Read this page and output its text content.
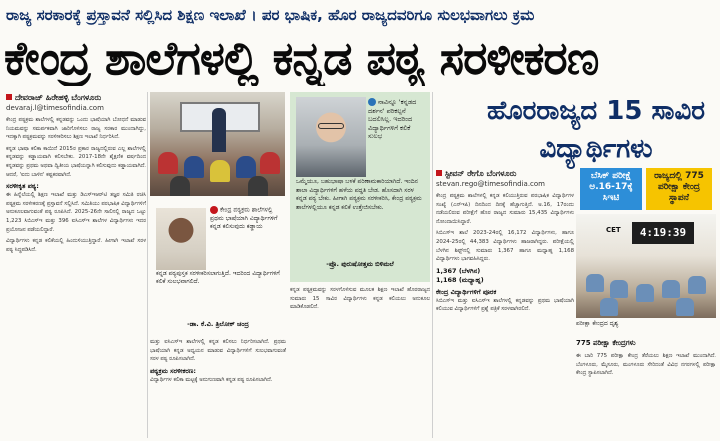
ರಾಜ್ಯ ಸರಕಾರಕ್ಕೆ ಪ್ರಸ್ತಾವನೆ ಸಲ್ಲಿಸಿದ ಶಿಕ್ಷಣ ಇಲಾಖೆ । ಪರ ಭಾಷಿಕ, ಹೊರ ರಾಜ್ಯದವರಿಗೂ ಸುಲಭವಾಗಲು ಕ್ರಮ
ಕೇಂದ್ರ ಶಾಲೆಗಳಲ್ಲಿ ಕನ್ನಡ ಪಠ್ಯ ಸರಳೀಕರಣ
ದೇವರಾಜ್ ಹಿರೇಹಳ್ಳಿ ಬೆಂಗಳೂರು
devaraj.l@timesofindia.com

ಕೇಂದ್ರ ಪಠ್ಯಕ್ರಮ ಶಾಲೆಗಳಲ್ಲಿ ಕನ್ನಡವನ್ನು ಒಂದು ಭಾಷೆಯಾಗಿ ಬೋಧನೆ ಮಾಡುವ ನಿಯಮವನ್ನು ಸಮರ್ಪಕವಾಗಿ ಜಾರಿಗೊಳಿಸಲು ರಾಜ್ಯ ಸರಕಾರ ಮುಂದಾಗಿದ್ದು, ಇದಕ್ಕಾಗಿ ಪಠ್ಯಕ್ರಮವನ್ನು ಸರಳೀಕರಿಸಲು ಶಿಕ್ಷಣ ಇಲಾಖೆ ನಿರ್ಧರಿಸಿದೆ.

ಕನ್ನಡ ಭಾಷಾ ಕಲಿಕಾ ಕಾಯಿದೆ 2015ರ ಪ್ರಕಾರ ರಾಜ್ಯದಲ್ಲಿರುವ ಎಲ್ಲ ಶಾಲೆಗಳಲ್ಲಿ ಕನ್ನಡವನ್ನು ಕಡ್ಡಾಯವಾಗಿ ಕಲಿಸಬೇಕು. 2017-18ನೇ ಶೈಕ್ಷಣಿಕ ವರ್ಷದಿಂದ ಕನ್ನಡವನ್ನು ಪ್ರಥಮ ಅಥವಾ ದ್ವಿತೀಯ ಭಾಷೆಯನ್ನಾಗಿ ಕಲಿಸುವುದು ಕಡ್ಡಾಯವಾಗಿದೆ. ಆದರೆ, 'ಐದು ಬಾಳಿನ' ಕಷ್ಟಕರವಾಗಿದೆ.

ಸರಳೀಕೃತ ಪಠ್ಯ:

ಈ ಹಿನ್ನೆಲೆಯಲ್ಲಿ ಶಿಕ್ಷಣ ಇಲಾಖೆ ಮತ್ತು ಡಿಎಸ್‌ಇಆರ್‌ಟಿ ತಜ್ಞರ ಸಮಿತಿ ರಚಿಸಿ ಪಠ್ಯಕ್ರಮ ಸರಳೀಕರಣಕ್ಕೆ ಪ್ರಸ್ತಾವನೆ ಸಲ್ಲಿಸಿದೆ. ಸಮಿತಿಯು ಪರಭಾಷಿಕ ವಿದ್ಯಾರ್ಥಿಗಳಿಗೆ ಅನುಕೂಲವಾಗುವಂತೆ ಪಠ್ಯ ರೂಪಿಸಿದೆ. 2025-26ನೇ ಸಾಲಿನಲ್ಲಿ ರಾಜ್ಯದ ಒಟ್ಟು 1,223 ಸಿಬಿಎಸ್‌ಇ ಮತ್ತು 396 ಐಸಿಎಸ್‌ಇ ಶಾಲೆಗಳ ವಿದ್ಯಾರ್ಥಿಗಳು ಇದರ ಪ್ರಯೋಜನ ಪಡೆಯಲಿದ್ದಾರೆ.

ವಿದ್ಯಾರ್ಥಿಗಳು ಕನ್ನಡ ಕಲಿಕೆಯಲ್ಲಿ ಹಿಂದುಳಿಯುತ್ತಿದ್ದಾರೆ. ಹೀಗಾಗಿ ಇಲಾಖೆ ಸರಳ ಪಠ್ಯ ಸಿದ್ಧಪಡಿಸಿದೆ.

ಕೇಂದ್ರ ಪಠ್ಯಕ್ರಮ ಶಾಲೆಗಳಲ್ಲಿ ಪ್ರಥಮ ಭಾಷೆಯಾಗಿ ವಿದ್ಯಾರ್ಥಿಗಳಿಗೆ ಕನ್ನಡ ಕಲಿಸುವುದು ಕಡ್ಡಾಯ
ಕನ್ನಡ ಪಠ್ಯಪುಸ್ತಕ ಸರಳೀಕರಿಸಲಾಗುತ್ತಿದೆ. ಇದರಿಂದ ವಿದ್ಯಾರ್ಥಿಗಳಿಗೆ ಕಲಿಕೆ ಸುಲಭವಾಗಲಿದೆ.
-ಡಾ. ಕೆ.ವಿ. ತ್ರಿಲೋಕ್ ಚಂದ್ರ

ಮತ್ತು ಐಸಿಎಸ್‌ಇ ಶಾಲೆಗಳಲ್ಲಿ ಕನ್ನಡ ಕಲಿಸಲು ನಿರ್ಧರಿಸಲಾಗಿದೆ. ಪ್ರಥಮ ಭಾಷೆಯಾಗಿ ಕನ್ನಡ ಅಧ್ಯಯನ ಮಾಡುವ ವಿದ್ಯಾರ್ಥಿಗಳಿಗೆ ಸುಲಭವಾಗುವಂತೆ ಸರಳ ಪಠ್ಯ ರೂಪಿಸಲಾಗಿದೆ.

ಪಠ್ಯಕ್ರಮ ಸರಳೀಕರಣ:

ವಿದ್ಯಾರ್ಥಿಗಳ ಕಲಿಕಾ ಮಟ್ಟಕ್ಕೆ ಅನುಗುಣವಾಗಿ ಕನ್ನಡ ಪಠ್ಯ ರೂಪಿಸಲಾಗಿದೆ.

ನಾವಿನ್ನೂ 'ಕನ್ನಡದ ದರ್ಶನ' ಪರಿಕಲ್ಪನೆ ಬದಲಿಸಿಲ್ಲ. ಇದರಿಂದ ವಿದ್ಯಾರ್ಥಿಗಳಿಗೆ ಕಲಿಕೆ ಸುಲಭ
ಒಮ್ಮೆಯೂ, ಬಹುಭಾಷಾ ಬಳಕೆ ಪರಿಣಾಮಕಾರಿಯಾಗಿದೆ. ಇಂದಿನ ಶಾಲಾ ವಿದ್ಯಾರ್ಥಿಗಳಿಗೆ ಹಳೆಯ ಪದ್ಧತಿ ಬೇಡ. ಹೊಸದಾಗಿ ಸರಳ ಕನ್ನಡ ಪಠ್ಯ ಬೇಕು. ಹೀಗಾಗಿ ಪಠ್ಯಕ್ರಮ ಸರಳೀಕರಿಸಿ, ಕೇಂದ್ರ ಪಠ್ಯಕ್ರಮ ಶಾಲೆಗಳಲ್ಲಿಯೂ ಕನ್ನಡ ಕಲಿಕೆ ಉತ್ತೇಜಿಸಬೇಕು.
-ಪ್ರೊ. ಪುರುಷೋತ್ತಮ ಬಿಳಿಮಲೆ

ಕನ್ನಡ ಪಠ್ಯಕ್ರಮವನ್ನು ಸರಳಗೊಳಿಸುವ ಮೂಲಕ ಶಿಕ್ಷಣ ಇಲಾಖೆ ಹೊರರಾಜ್ಯದ ಸುಮಾರು 15 ಸಾವಿರ ವಿದ್ಯಾರ್ಥಿಗಳು ಕನ್ನಡ ಕಲಿಯಲು ಅನುಕೂಲ ಮಾಡಿಕೊಡಲಿದೆ.

ಹೊರರಾಜ್ಯದ 15 ಸಾವಿರ ವಿದ್ಯಾರ್ಥಿಗಳು
ಸ್ಟೀವನ್ ರೇಗೊ ಬೆಂಗಳೂರು
stevan.rego@timesofindia.com

ಕೇಂದ್ರ ಪಠ್ಯಕ್ರಮ ಶಾಲೆಗಳಲ್ಲಿ ಕನ್ನಡ ಕಲಿಯುತ್ತಿರುವ ಪರಭಾಷಿಕ ವಿದ್ಯಾರ್ಥಿಗಳ ಸಂಖ್ಯೆ (ಎನ್‌ಇಪಿ) ದಿನದಿಂದ ದಿನಕ್ಕೆ ಹೆಚ್ಚಾಗುತ್ತಿದೆ. ಅ.16, 17ರಂದು ನಡೆಯಲಿರುವ ಪರೀಕ್ಷೆಗೆ ಹೊರ ರಾಜ್ಯದ ಸುಮಾರು 15,435 ವಿದ್ಯಾರ್ಥಿಗಳು ನೋಂದಾಯಿಸಿದ್ದಾರೆ.

ಸಿಬಿಎಸ್‌ಇ ಶಾಲೆ 2023-24ರಲ್ಲಿ 16,172 ವಿದ್ಯಾರ್ಥಿಗಳು, ಹಾಗೂ 2024-25ರಲ್ಲಿ 44,383 ವಿದ್ಯಾರ್ಥಿಗಳು ಹಾಜರಾಗಿದ್ದರು. ಪರೀಕ್ಷೆಯಲ್ಲಿ ಬೆಳಗಿನ ಶಿಫ್ಟ್‌ನಲ್ಲಿ ಸುಮಾರು 1,367 ಹಾಗೂ ಮಧ್ಯಾಹ್ನ 1,168 ವಿದ್ಯಾರ್ಥಿಗಳು ಭಾಗವಹಿಸಿದ್ದರು.

1,367 (ಬೆಳಗಿನ)
1,168 (ಮಧ್ಯಾಹ್ನ)
ಕೇಂದ್ರ ವಿದ್ಯಾರ್ಥಿಗಳಿಗೆ ಪೂರಕ

ಸಿಬಿಎಸ್‌ಇ ಮತ್ತು ಐಸಿಎಸ್‌ಇ ಶಾಲೆಗಳಲ್ಲಿ ಕನ್ನಡವನ್ನು ಪ್ರಥಮ ಭಾಷೆಯಾಗಿ ಕಲಿಯುವ ವಿದ್ಯಾರ್ಥಿಗಳಿಗೆ ಪ್ರಶ್ನೆ ಪತ್ರಿಕೆ ಸರಳವಾಗಿರಲಿದೆ.

ಬೆಸಿಕ್ ಪರೀಕ್ಷೆ ಅ.16-17ಕ್ಕೆ ಸಿಇಟಿ
ರಾಜ್ಯದಲ್ಲಿ 775 ಪರೀಕ್ಷಾ ಕೇಂದ್ರ ಸ್ಥಾಪನೆ
4:19:39
CET
ಪರೀಕ್ಷಾ ಕೇಂದ್ರದ ದೃಶ್ಯ
775 ಪರೀಕ್ಷಾ ಕೇಂದ್ರಗಳು

ಈ ಬಾರಿ 775 ಪರೀಕ್ಷಾ ಕೇಂದ್ರ ತೆರೆಯಲು ಶಿಕ್ಷಣ ಇಲಾಖೆ ಮುಂದಾಗಿದೆ. ಬೆಂಗಳೂರು, ಮೈಸೂರು, ಮಂಗಳೂರು ಸೇರಿದಂತೆ ವಿವಿಧ ನಗರಗಳಲ್ಲಿ ಪರೀಕ್ಷಾ ಕೇಂದ್ರ ಸ್ಥಾಪಿಸಲಾಗಿದೆ.
